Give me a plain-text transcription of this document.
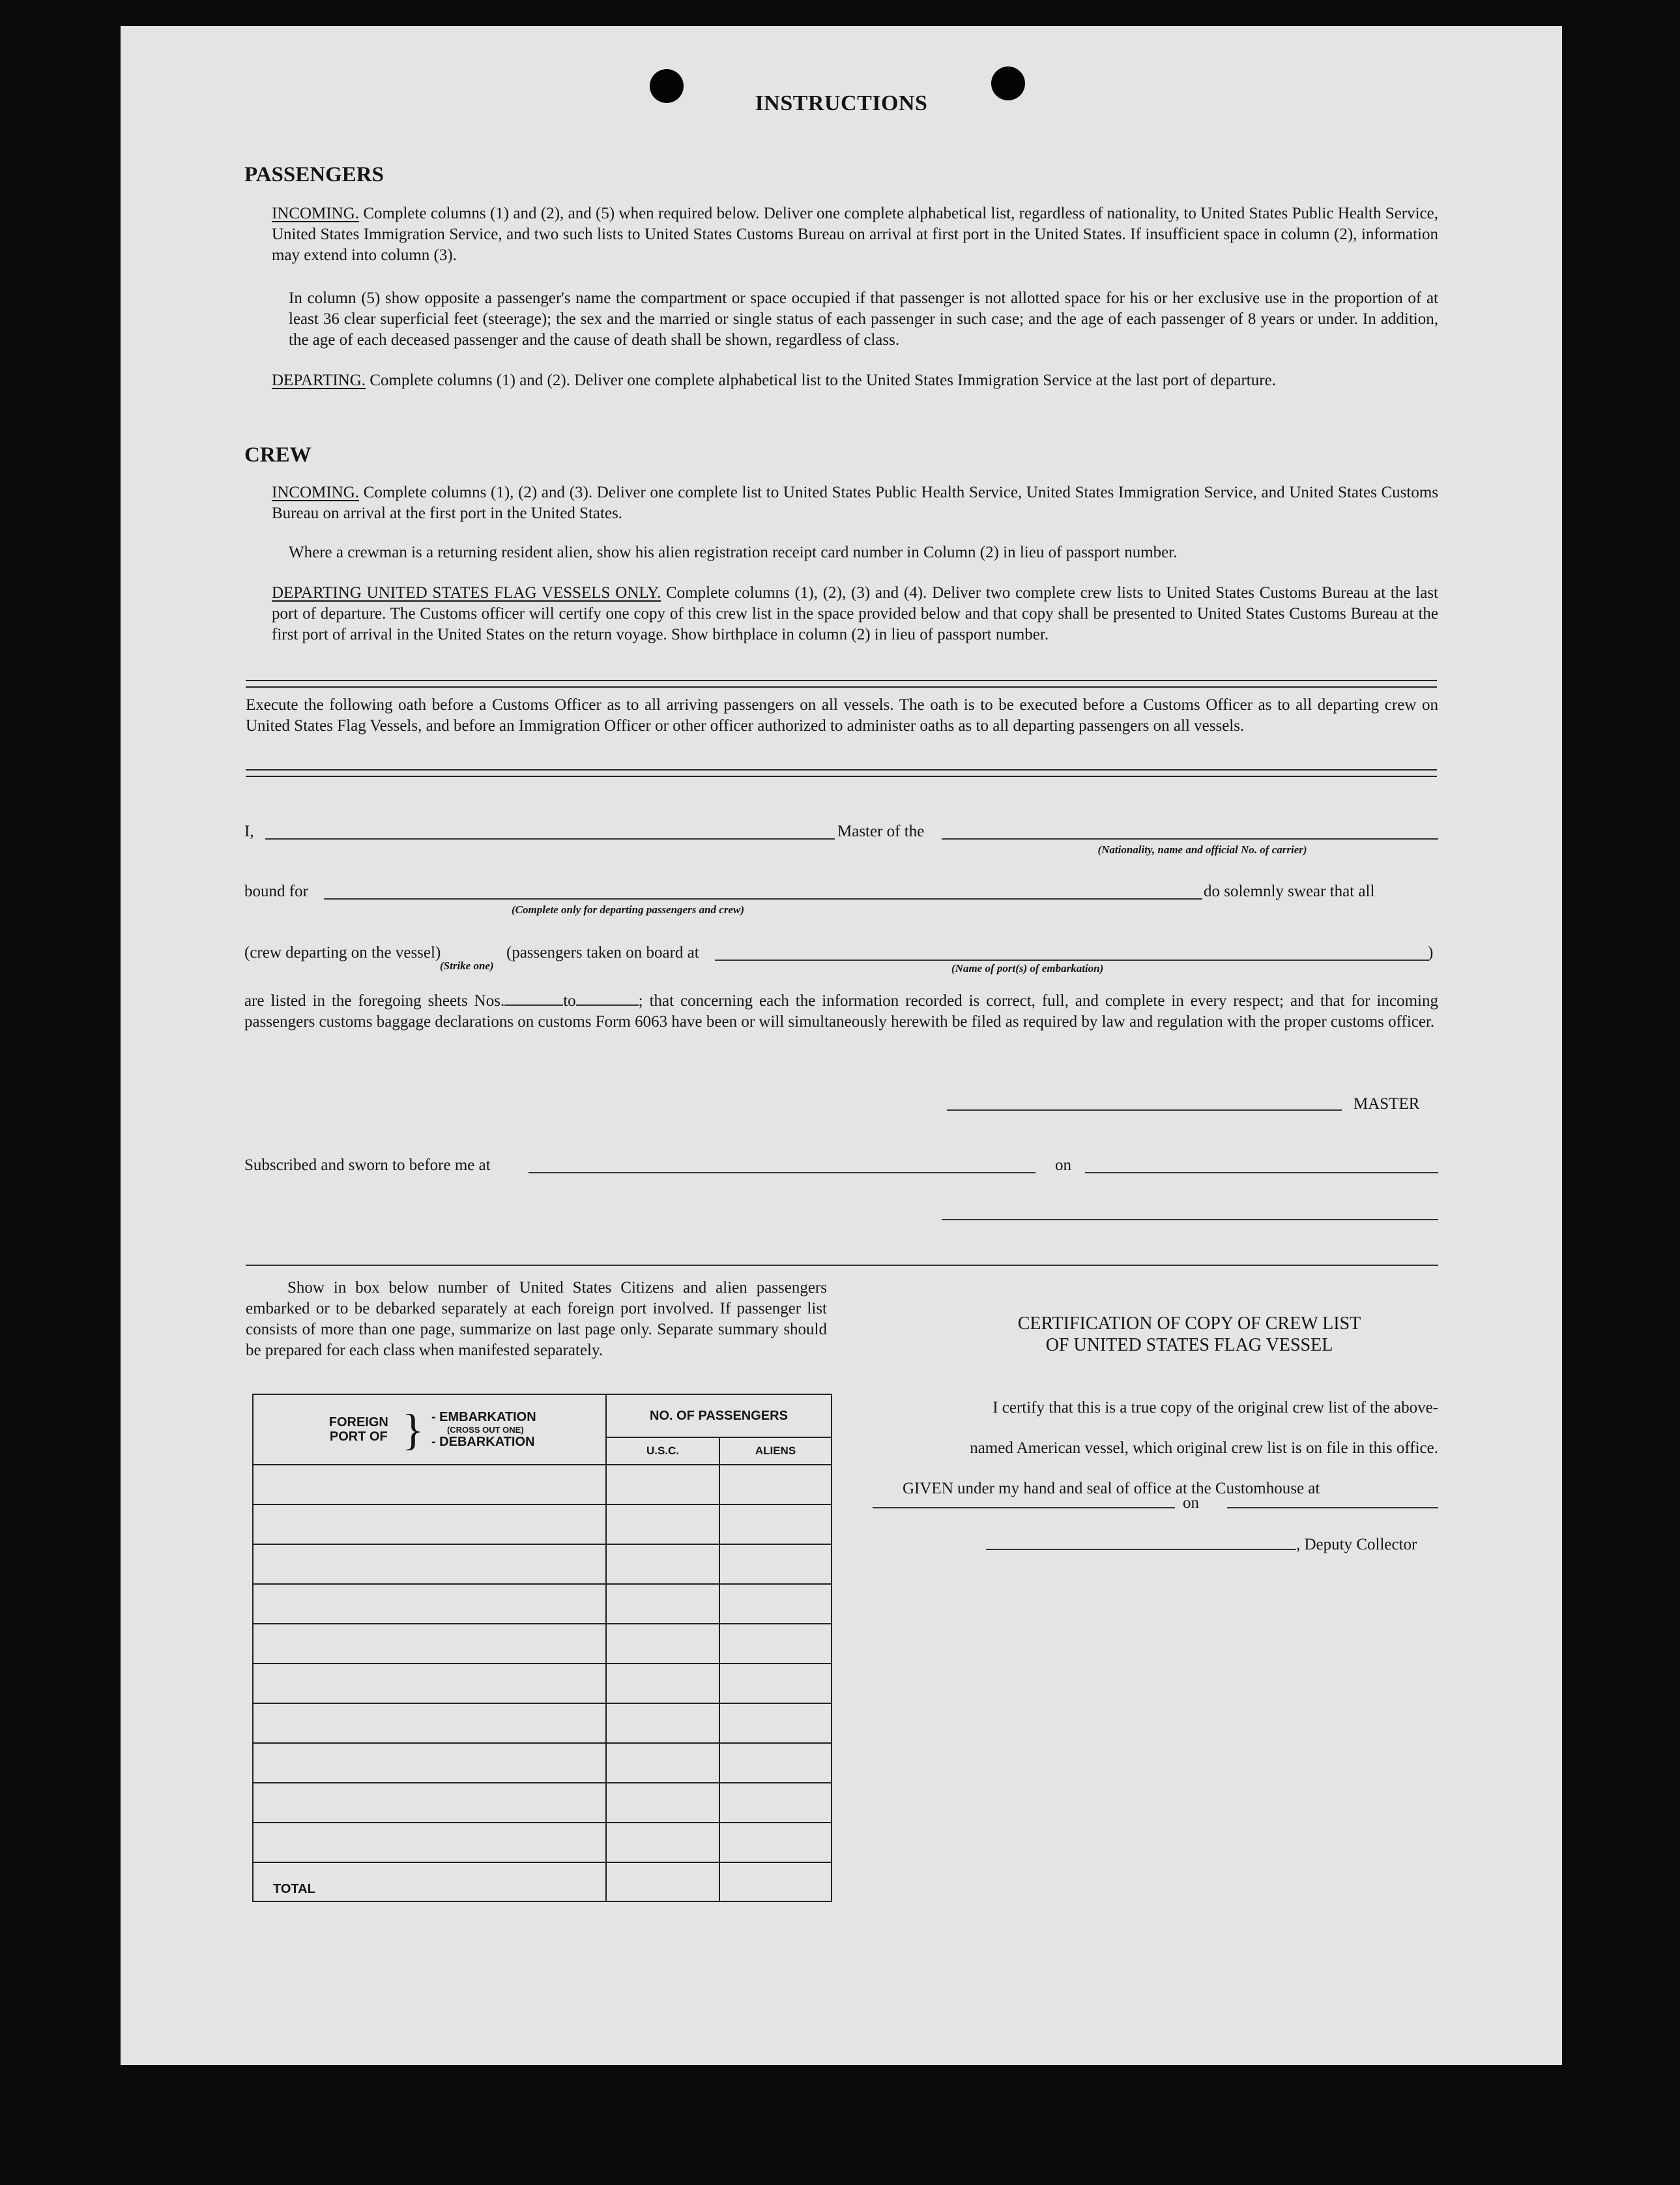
INSTRUCTIONS
PASSENGERS
INCOMING. Complete columns (1) and (2), and (5) when required below. Deliver one complete alphabetical list, regardless of nationality, to United States Public Health Service, United States Immigration Service, and two such lists to United States Customs Bureau on arrival at first port in the United States. If insufficient space in column (2), information may extend into column (3).
In column (5) show opposite a passenger's name the compartment or space occupied if that passenger is not allotted space for his or her exclusive use in the proportion of at least 36 clear superficial feet (steerage); the sex and the married or single status of each passenger in such case; and the age of each passenger of 8 years or under. In addition, the age of each deceased passenger and the cause of death shall be shown, regardless of class.
DEPARTING. Complete columns (1) and (2). Deliver one complete alphabetical list to the United States Immigration Service at the last port of departure.
CREW
INCOMING. Complete columns (1), (2) and (3). Deliver one complete list to United States Public Health Service, United States Immigration Service, and United States Customs Bureau on arrival at the first port in the United States.
Where a crewman is a returning resident alien, show his alien registration receipt card number in Column (2) in lieu of passport number.
DEPARTING UNITED STATES FLAG VESSELS ONLY. Complete columns (1), (2), (3) and (4). Deliver two complete crew lists to United States Customs Bureau at the last port of departure. The Customs officer will certify one copy of this crew list in the space provided below and that copy shall be presented to United States Customs Bureau at the first port of arrival in the United States on the return voyage. Show birthplace in column (2) in lieu of passport number.
Execute the following oath before a Customs Officer as to all arriving passengers on all vessels. The oath is to be executed before a Customs Officer as to all departing crew on United States Flag Vessels, and before an Immigration Officer or other officer authorized to administer oaths as to all departing passengers on all vessels.
I,	Master of the
(Nationality, name and official No. of carrier)
bound for
(Complete only for departing passengers and crew)
do solemnly swear that all
(crew departing on the vessel)	(passengers taken on board at	)
(Strike one)	(Name of port(s) of embarkation)
are listed in the foregoing sheets Nos.	to	; that concerning each the information recorded is correct, full, and complete in every respect; and that for incoming passengers customs baggage declarations on customs Form 6063 have been or will simultaneously herewith be filed as required by law and regulation with the proper customs officer.
MASTER
Subscribed and sworn to before me at	on
Show in box below number of United States Citizens and alien passengers embarked or to be debarked separately at each foreign port involved. If passenger list consists of more than one page, summarize on last page only. Separate summary should be prepared for each class when manifested separately.
FOREIGN PORT OF } - EMBARKATION
(CROSS OUT ONE)
- DEBARKATION	NO. OF PASSENGERS	
	U.S.C.	ALIENS

TOTAL		
CERTIFICATION OF COPY OF CREW LIST
OF UNITED STATES FLAG VESSEL
I certify that this is a true copy of the original crew list of the above-
named American vessel, which original crew list is on file in this office.
GIVEN under my hand and seal of office at the Customhouse at
on
, Deputy Collector
